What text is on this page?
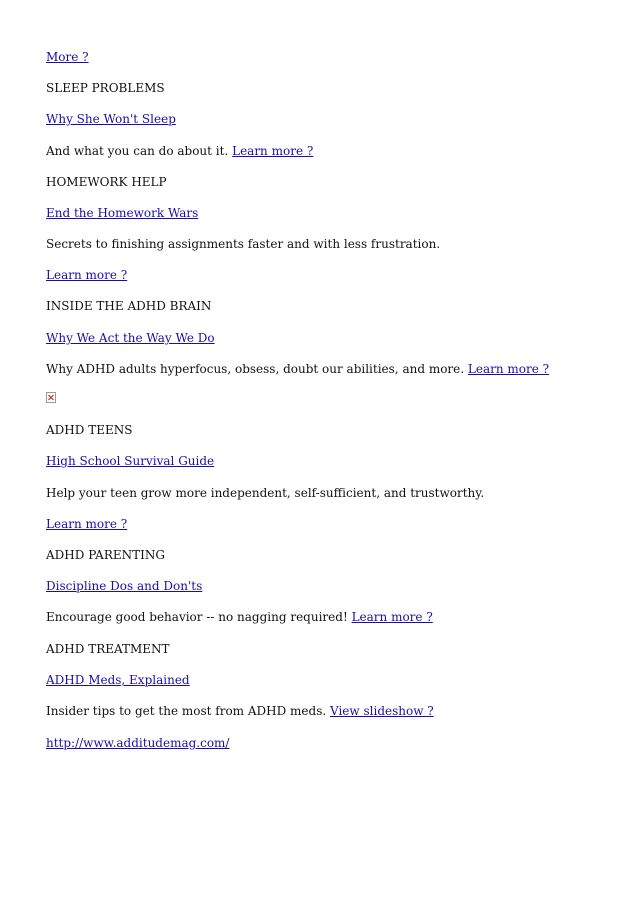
More ?
SLEEP PROBLEMS
Why She Won't Sleep
And what you can do about it. Learn more ?
HOMEWORK HELP
End the Homework Wars
Secrets to finishing assignments faster and with less frustration.
Learn more ?
INSIDE THE ADHD BRAIN
Why We Act the Way We Do
Why ADHD adults hyperfocus, obsess, doubt our abilities, and more. Learn more ?
ADHD TEENS
High School Survival Guide
Help your teen grow more independent, self-sufficient, and trustworthy.
Learn more ?
ADHD PARENTING
Discipline Dos and Don'ts
Encourage good behavior -- no nagging required! Learn more ?
ADHD TREATMENT
ADHD Meds, Explained
Insider tips to get the most from ADHD meds. View slideshow ?
http://www.additudemag.com/
